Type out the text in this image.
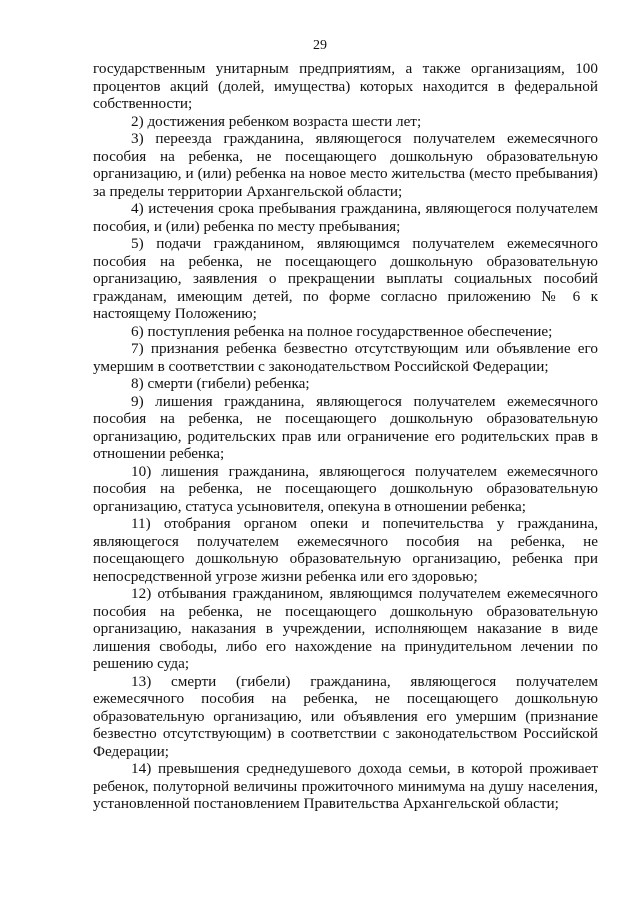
29

государственным унитарным предприятиям, а также организациям, 100 процентов акций (долей, имущества) которых находится в федеральной собственности;

2) достижения ребенком возраста шести лет;

3) переезда гражданина, являющегося получателем ежемесячного пособия на ребенка, не посещающего дошкольную образовательную организацию, и (или) ребенка на новое место жительства (место пребывания) за пределы территории Архангельской области;

4) истечения срока пребывания гражданина, являющегося получателем пособия, и (или) ребенка по месту пребывания;

5) подачи гражданином, являющимся получателем ежемесячного пособия на ребенка, не посещающего дошкольную образовательную организацию, заявления о прекращении выплаты социальных пособий гражданам, имеющим детей, по форме согласно приложению № 6 к настоящему Положению;

6) поступления ребенка на полное государственное обеспечение;

7) признания ребенка безвестно отсутствующим или объявление его умершим в соответствии с законодательством Российской Федерации;

8) смерти (гибели) ребенка;

9) лишения гражданина, являющегося получателем ежемесячного пособия на ребенка, не посещающего дошкольную образовательную организацию, родительских прав или ограничение его родительских прав в отношении ребенка;

10) лишения гражданина, являющегося получателем ежемесячного пособия на ребенка, не посещающего дошкольную образовательную организацию, статуса усыновителя, опекуна в отношении ребенка;

11) отобрания органом опеки и попечительства у гражданина, являющегося получателем ежемесячного пособия на ребенка, не посещающего дошкольную образовательную организацию, ребенка при непосредственной угрозе жизни ребенка или его здоровью;

12) отбывания гражданином, являющимся получателем ежемесячного пособия на ребенка, не посещающего дошкольную образовательную организацию, наказания в учреждении, исполняющем наказание в виде лишения свободы, либо его нахождение на принудительном лечении по решению суда;

13) смерти (гибели) гражданина, являющегося получателем ежемесячного пособия на ребенка, не посещающего дошкольную образовательную организацию, или объявления его умершим (признание безвестно отсутствующим) в соответствии с законодательством Российской Федерации;

14) превышения среднедушевого дохода семьи, в которой проживает ребенок, полуторной величины прожиточного минимума на душу населения, установленной постановлением Правительства Архангельской области;
